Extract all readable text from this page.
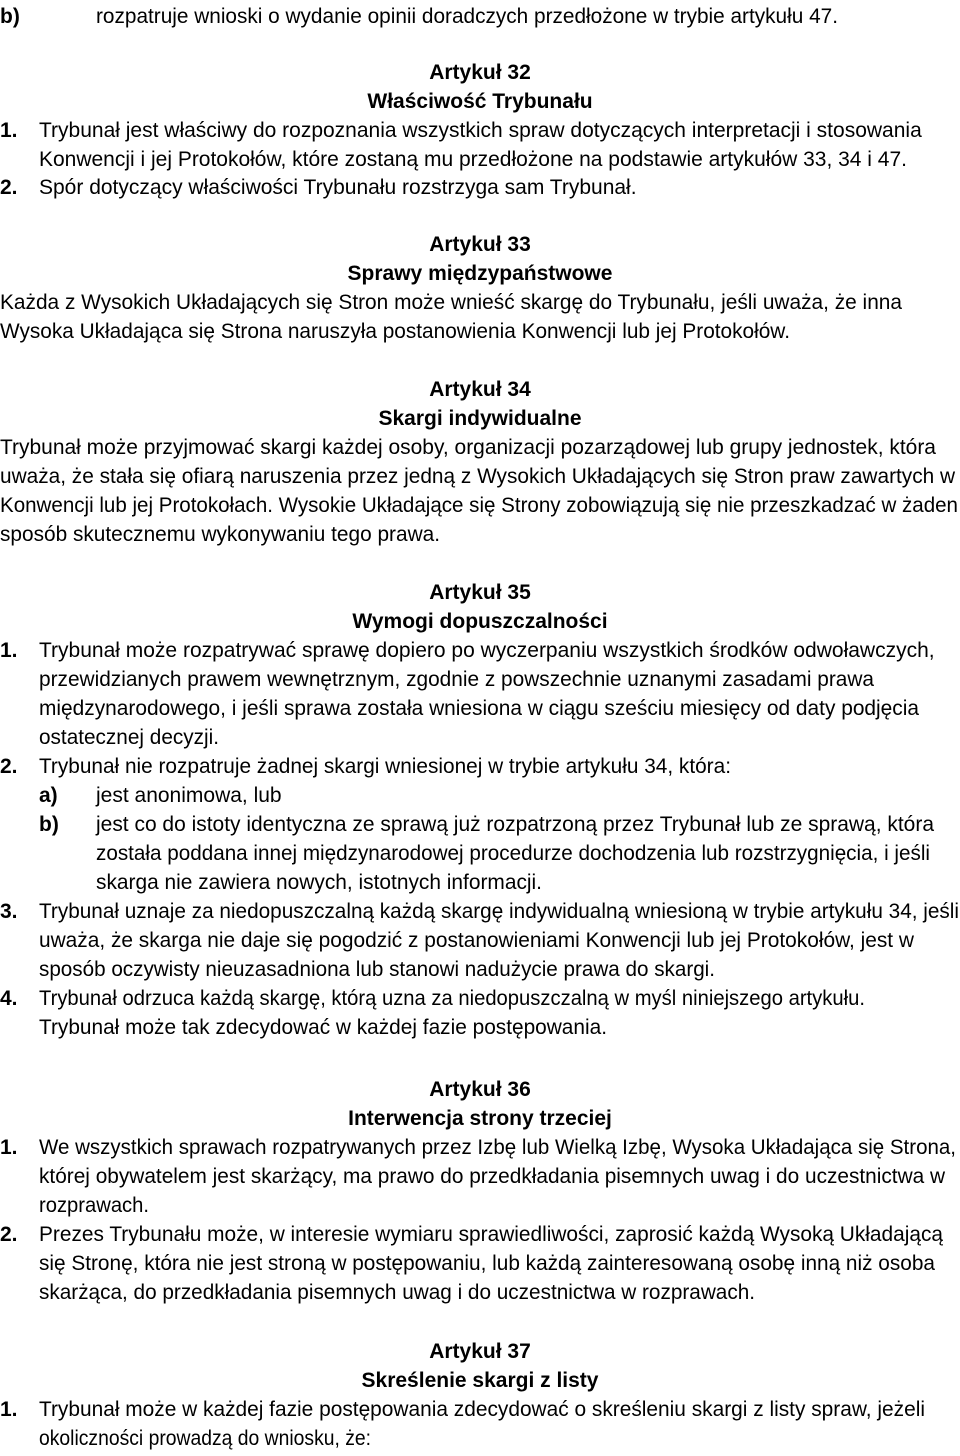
b)	rozpatruje wnioski o wydanie opinii doradczych przedłożone w trybie artykułu 47.
Artykuł 32
Właściwość Trybunału
1. Trybunał jest właściwy do rozpoznania wszystkich spraw dotyczących interpretacji i stosowania
Konwencji i jej Protokołów, które zostaną mu przedłożone na podstawie artykułów 33, 34 i 47.
2. Spór dotyczący właściwości Trybunału rozstrzyga sam Trybunał.
Artykuł 33
Sprawy międzypaństwowe
Każda z Wysokich Układających się Stron może wnieść skargę do Trybunału, jeśli uważa, że inna
Wysoka Układająca się Strona naruszyła postanowienia Konwencji lub jej Protokołów.
Artykuł 34
Skargi indywidualne
Trybunał może przyjmować skargi każdej osoby, organizacji pozarządowej lub grupy jednostek, która
uważa, że stała się ofiarą naruszenia przez jedną z Wysokich Układających się Stron praw zawartych w
Konwencji lub jej Protokołach. Wysokie Układające się Strony zobowiązują się nie przeszkadzać w żaden
sposób skutecznemu wykonywaniu tego prawa.
Artykuł 35
Wymogi dopuszczalności
1. Trybunał może rozpatrywać sprawę dopiero po wyczerpaniu wszystkich środków odwoławczych,
przewidzianych prawem wewnętrznym, zgodnie z powszechnie uznanymi zasadami prawa
międzynarodowego, i jeśli sprawa została wniesiona w ciągu sześciu miesięcy od daty podjęcia
ostatecznej decyzji.
2. Trybunał nie rozpatruje żadnej skargi wniesionej w trybie artykułu 34, która:
a) jest anonimowa, lub
b) jest co do istoty identyczna ze sprawą już rozpatrzoną przez Trybunał lub ze sprawą, która
została poddana innej międzynarodowej procedurze dochodzenia lub rozstrzygnięcia, i jeśli
skarga nie zawiera nowych, istotnych informacji.
3. Trybunał uznaje za niedopuszczalną każdą skargę indywidualną wniesioną w trybie artykułu 34, jeśli
uważa, że skarga nie daje się pogodzić z postanowieniami Konwencji lub jej Protokołów, jest w
sposób oczywisty nieuzasadniona lub stanowi nadużycie prawa do skargi.
4. Trybunał odrzuca każdą skargę, którą uzna za niedopuszczalną w myśl niniejszego artykułu.
Trybunał może tak zdecydować w każdej fazie postępowania.
Artykuł 36
Interwencja strony trzeciej
1. We wszystkich sprawach rozpatrywanych przez Izbę lub Wielką Izbę, Wysoka Układająca się Strona,
której obywatelem jest skarżący, ma prawo do przedkładania pisemnych uwag i do uczestnictwa w
rozprawach.
2. Prezes Trybunału może, w interesie wymiaru sprawiedliwości, zaprosić każdą Wysoką Układającą
się Stronę, która nie jest stroną w postępowaniu, lub każdą zainteresowaną osobę inną niż osoba
skarżąca, do przedkładania pisemnych uwag i do uczestnictwa w rozprawach.
Artykuł 37
Skreślenie skargi z listy
1. Trybunał może w każdej fazie postępowania zdecydować o skreśleniu skargi z listy spraw, jeżeli
okoliczności prowadzą do wniosku, że:
